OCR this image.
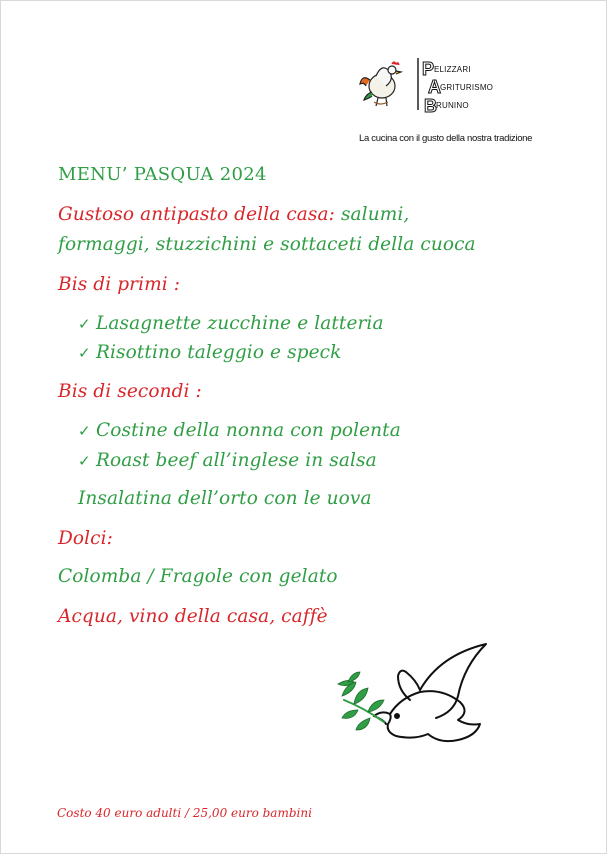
P
A
B
ELIZZARI
GRITURISMO
RUNINO
La cucina con il gusto della nostra tradizione
MENU’ PASQUA 2024
Gustoso antipasto della casa: salumi,
formaggi, stuzzichini e sottaceti della cuoca
Bis di primi :
✓ Lasagnette zucchine e latteria
✓ Risottino taleggio e speck
Bis di secondi :
✓ Costine della nonna con polenta
✓ Roast beef all’inglese in salsa
Insalatina dell’orto con le uova
Dolci:
Colomba / Fragole con gelato
Acqua, vino della casa, caffè
Costo 40 euro adulti / 25,00 euro bambini
